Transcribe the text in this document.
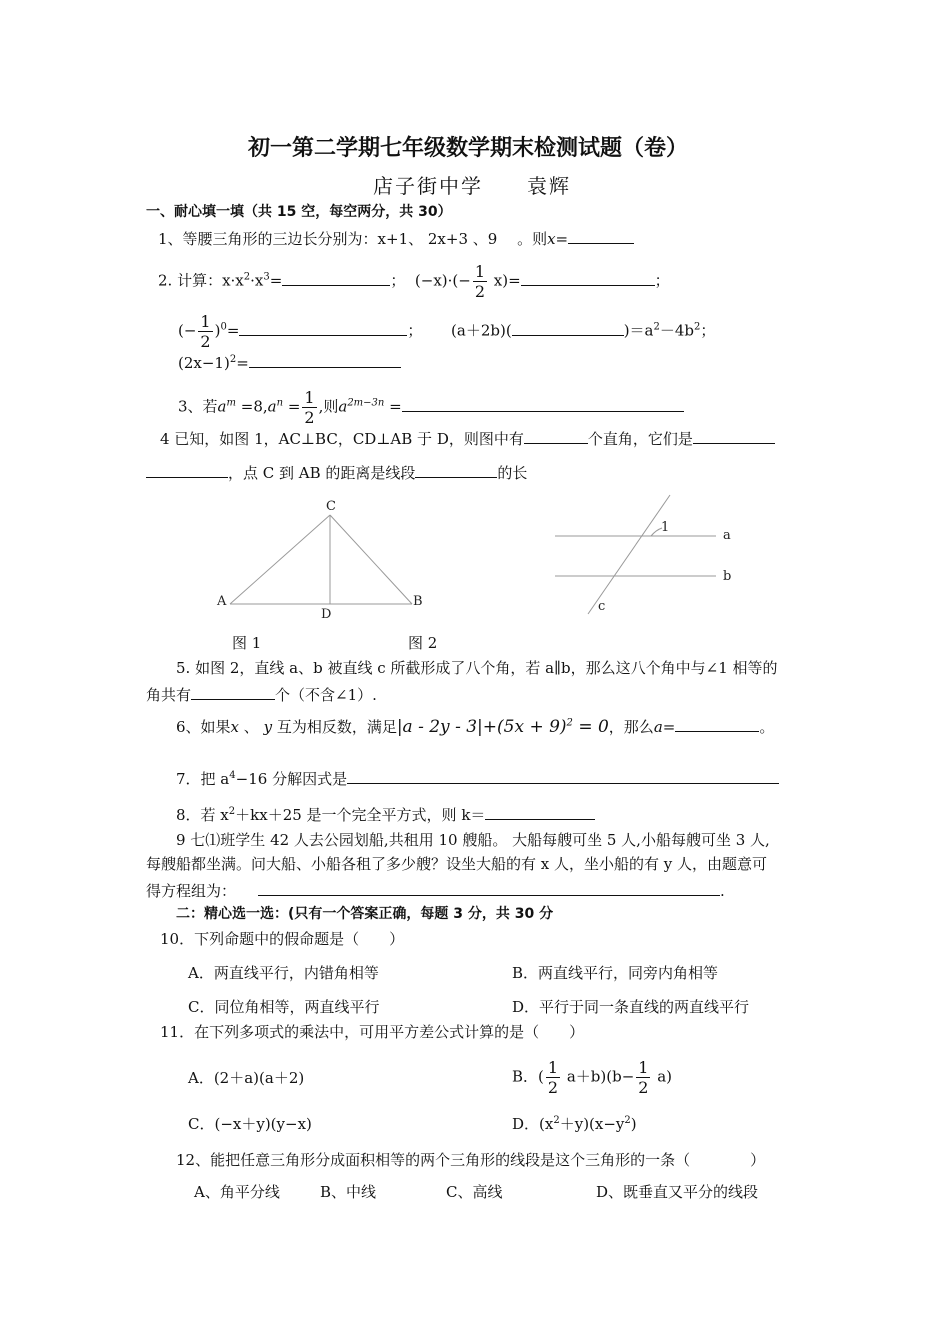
初一第二学期七年级数学期末检测试题（卷）
店子街中学　　袁辉
一、耐心填一填（共 15 空，每空两分，共 30）
1、等腰三角形的三边长分别为：x+1、 2x+3 、9 　。则x=
2. 计算：$x\cdot x^2\cdot x^3=$	； $(-x)\cdot(- \frac{1}{2} x)=$	；
(− $\frac{1}{2} )^0=$	； (a＋2b)(	)$=a^2-4b^2$；
$(2x-1)^2=$
3、若$a^m =8,a^n = \frac{1}{2}$ ,则$a^{2m-3n}$ =
4 已知，如图 1，AC⊥BC，CD⊥AB 于 D，则图中有	个直角，它们是
，点 C 到 AB 的距离是线段	的长
C
A
D
B
1
a
b
c
图 1	图 2
5. 如图 2，直线 a、b 被直线 c 所截形成了八个角，若 a∥b，那么这八个角中与∠1 相等的
角共有	个（不含∠1）.
6、如果x 、 y 互为相反数，满足$|a - 2y - 3|+(5x + 9)^2 = 0$，那么a=	。
7．把 $a^4-16$ 分解因式是
8．若 $x^2+kx+25$ 是一个完全平方式，则 k＝
9 七⑴班学生 42 人去公园划船,共租用 10 艘船。 大船每艘可坐 5 人,小船每艘可坐 3 人,
每艘船都坐满。问大船、小船各租了多少艘？设坐大船的有 x 人，坐小船的有 y 人，由题意可
得方程组为：	.
二：精心选一选：(只有一个答案正确，每题 3 分，共 30 分
10．下列命题中的假命题是（　　）
A．两直线平行，内错角相等	B．两直线平行，同旁内角相等
C．同位角相等，两直线平行	D．平行于同一条直线的两直线平行
11．在下列多项式的乘法中，可用平方差公式计算的是（　　）
A．(2＋a)(a＋2)	B．( $\frac{1}{2} a+b)(b- \frac{1}{2} a)$
C．(−x＋y)(y−x)	D．$(x^2+y)(x-y^2)$
12、能把任意三角形分成面积相等的两个三角形的线段是这个三角形的一条（　　　　）
A、角平分线	B、中线	C、高线	D、既垂直又平分的线段
